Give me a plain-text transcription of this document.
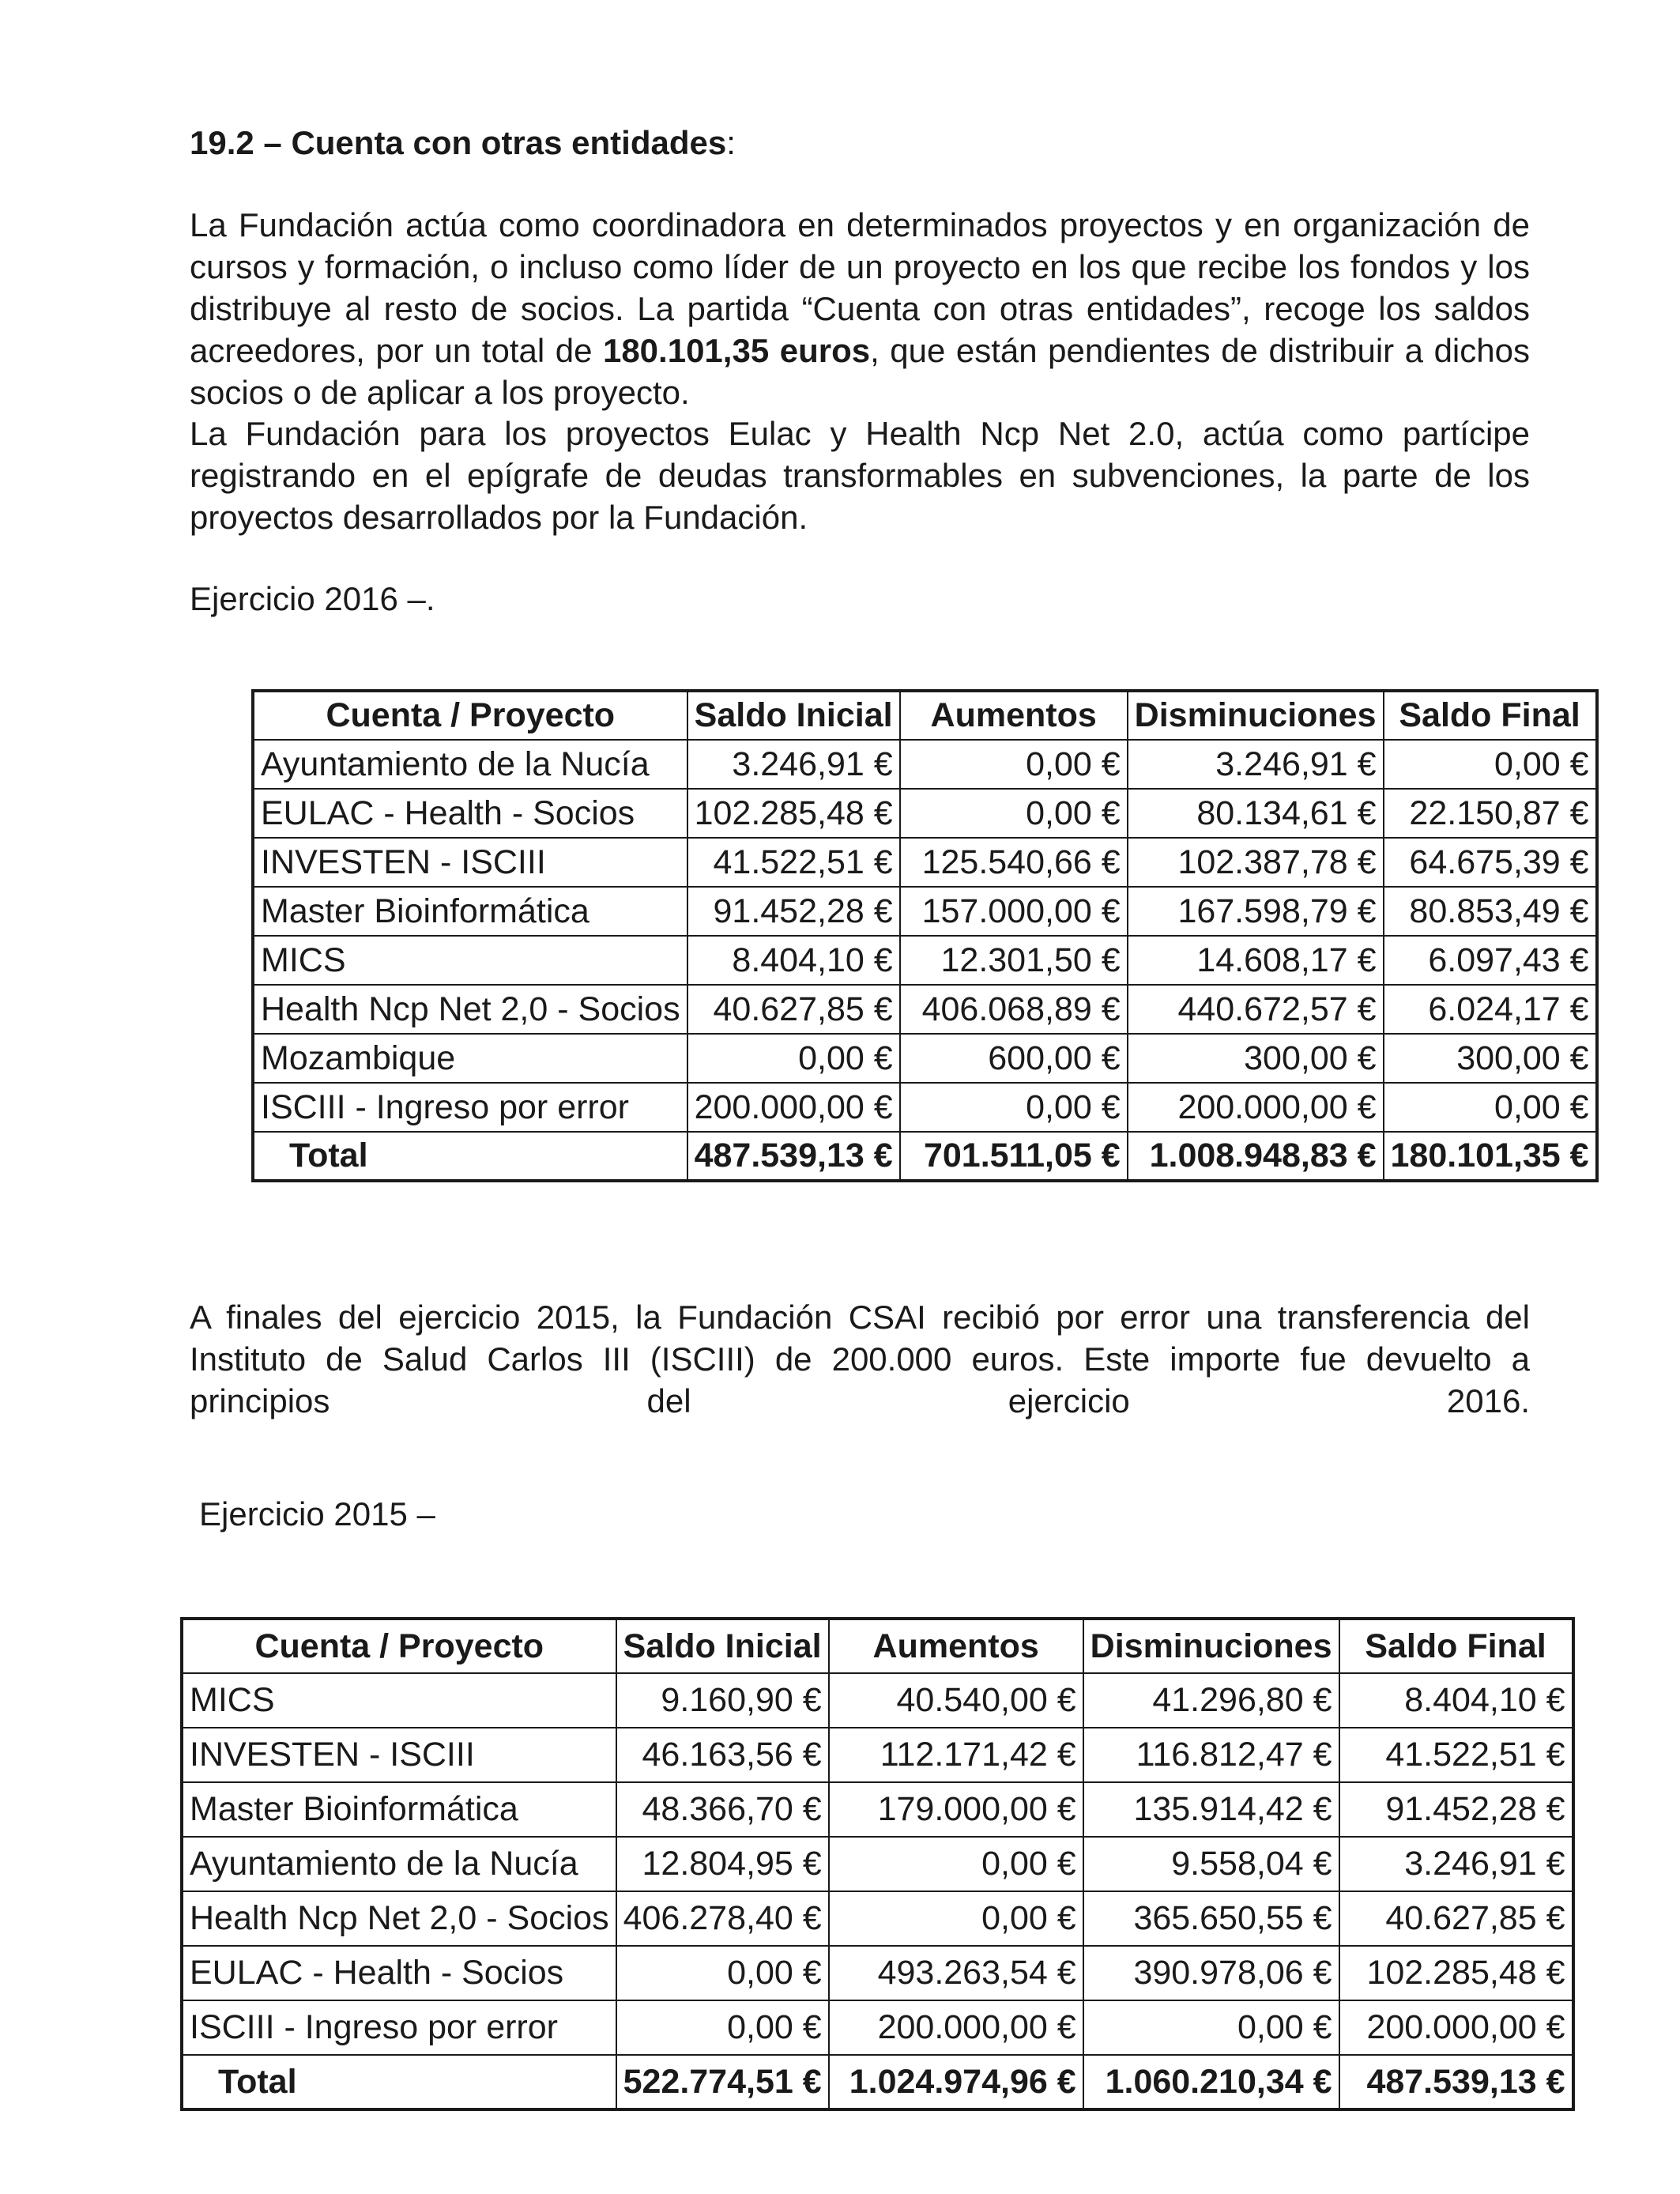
19.2 – Cuenta con otras entidades:

La Fundación actúa como coordinadora en determinados proyectos y en organización de cursos y formación, o incluso como líder de un proyecto en los que recibe los fondos y los distribuye al resto de socios. La partida “Cuenta con otras entidades”, recoge los saldos acreedores, por un total de 180.101,35 euros, que están pendientes de distribuir a dichos socios o de aplicar a los proyecto.

La Fundación para los proyectos Eulac y Health Ncp Net 2.0, actúa como partícipe registrando en el epígrafe de deudas transformables en subvenciones, la parte de los proyectos desarrollados por la Fundación.

Ejercicio 2016 –.

Cuenta / Proyecto	Saldo Inicial	Aumentos	Disminuciones	Saldo Final
Ayuntamiento de la Nucía	3.246,91 €	0,00 €	3.246,91 €	0,00 €
EULAC - Health - Socios	102.285,48 €	0,00 €	80.134,61 €	22.150,87 €
INVESTEN - ISCIII	41.522,51 €	125.540,66 €	102.387,78 €	64.675,39 €
Master Bioinformática	91.452,28 €	157.000,00 €	167.598,79 €	80.853,49 €
MICS	8.404,10 €	12.301,50 €	14.608,17 €	6.097,43 €
Health Ncp Net 2,0 - Socios	40.627,85 €	406.068,89 €	440.672,57 €	6.024,17 €
Mozambique	0,00 €	600,00 €	300,00 €	300,00 €
ISCIII - Ingreso por error	200.000,00 €	0,00 €	200.000,00 €	0,00 €
Total	487.539,13 €	701.511,05 €	1.008.948,83 €	180.101,35 €

A finales del ejercicio 2015, la Fundación CSAI recibió por error una transferencia del Instituto de Salud Carlos III (ISCIII) de 200.000 euros. Este importe fue devuelto a principios del ejercicio 2016.

Ejercicio 2015 –

Cuenta / Proyecto	Saldo Inicial	Aumentos	Disminuciones	Saldo Final
MICS	9.160,90 €	40.540,00 €	41.296,80 €	8.404,10 €
INVESTEN - ISCIII	46.163,56 €	112.171,42 €	116.812,47 €	41.522,51 €
Master Bioinformática	48.366,70 €	179.000,00 €	135.914,42 €	91.452,28 €
Ayuntamiento de la Nucía	12.804,95 €	0,00 €	9.558,04 €	3.246,91 €
Health Ncp Net 2,0 - Socios	406.278,40 €	0,00 €	365.650,55 €	40.627,85 €
EULAC - Health - Socios	0,00 €	493.263,54 €	390.978,06 €	102.285,48 €
ISCIII - Ingreso por error	0,00 €	200.000,00 €	0,00 €	200.000,00 €
Total	522.774,51 €	1.024.974,96 €	1.060.210,34 €	487.539,13 €
